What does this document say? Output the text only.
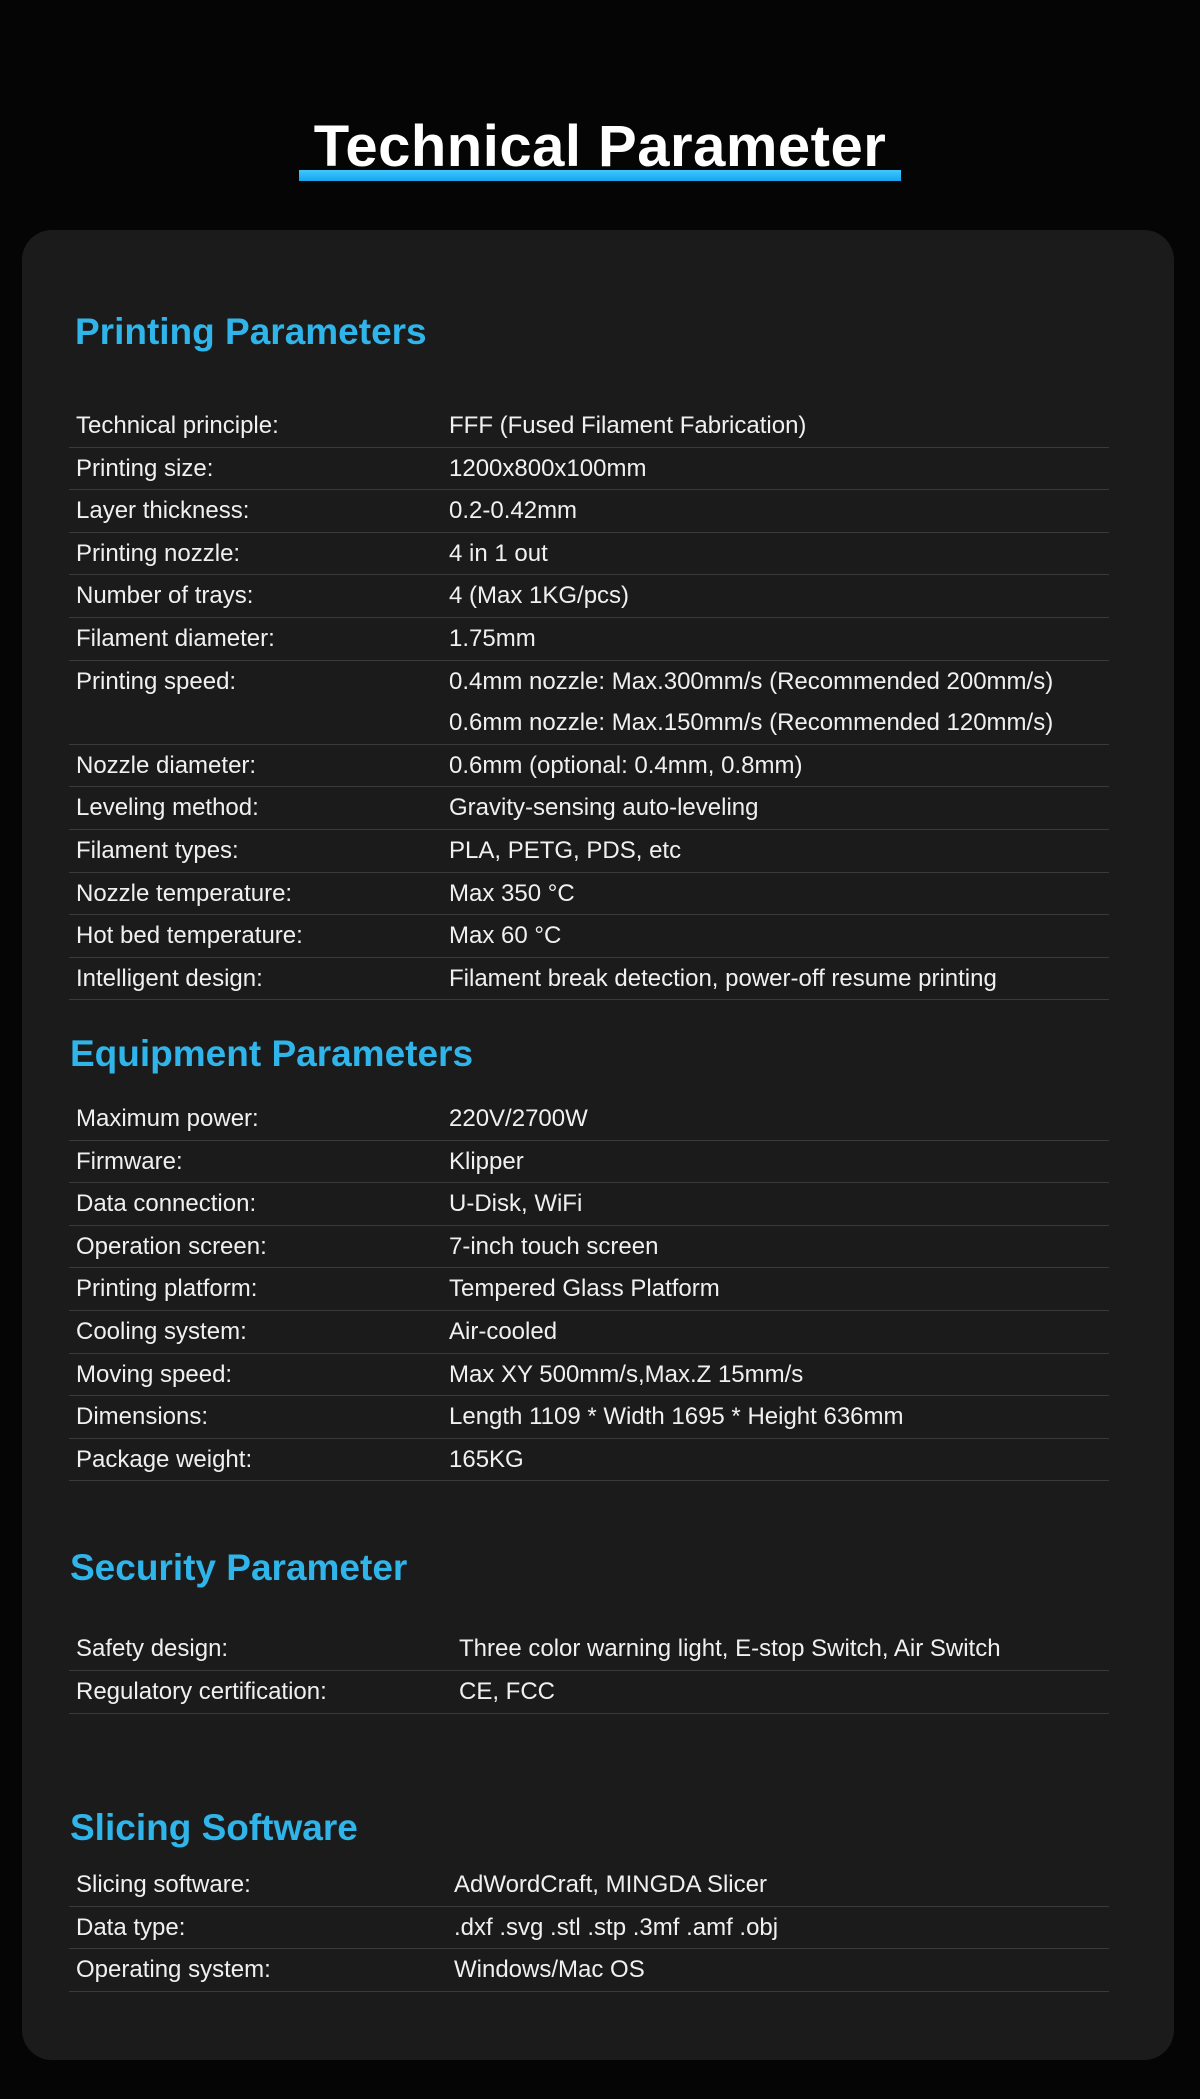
Technical Parameter
Printing Parameters
Technical principle:	FFF (Fused Filament Fabrication)
Printing size:	1200x800x100mm
Layer thickness:	0.2-0.42mm
Printing nozzle:	4 in 1 out
Number of trays:	4 (Max 1KG/pcs)
Filament diameter:	1.75mm
Printing speed:	0.4mm nozzle: Max.300mm/s (Recommended 200mm/s)
0.6mm nozzle: Max.150mm/s (Recommended 120mm/s)
Nozzle diameter:	0.6mm (optional: 0.4mm, 0.8mm)
Leveling method:	Gravity-sensing auto-leveling
Filament types:	PLA, PETG, PDS, etc
Nozzle temperature:	Max 350 °C
Hot bed temperature:	Max 60 °C
Intelligent design:	Filament break detection, power-off resume printing
Equipment Parameters
Maximum power:	220V/2700W
Firmware:	Klipper
Data connection:	U-Disk, WiFi
Operation screen:	7-inch touch screen
Printing platform:	Tempered Glass Platform
Cooling system:	Air-cooled
Moving speed:	Max XY 500mm/s,Max.Z 15mm/s
Dimensions:	Length 1109 * Width 1695 * Height 636mm
Package weight:	165KG
Security Parameter
Safety design:	Three color warning light, E-stop Switch, Air Switch
Regulatory certification:	CE, FCC
Slicing Software
Slicing software:	AdWordCraft, MINGDA Slicer
Data type:	.dxf .svg .stl .stp .3mf .amf .obj
Operating system:	Windows/Mac OS
